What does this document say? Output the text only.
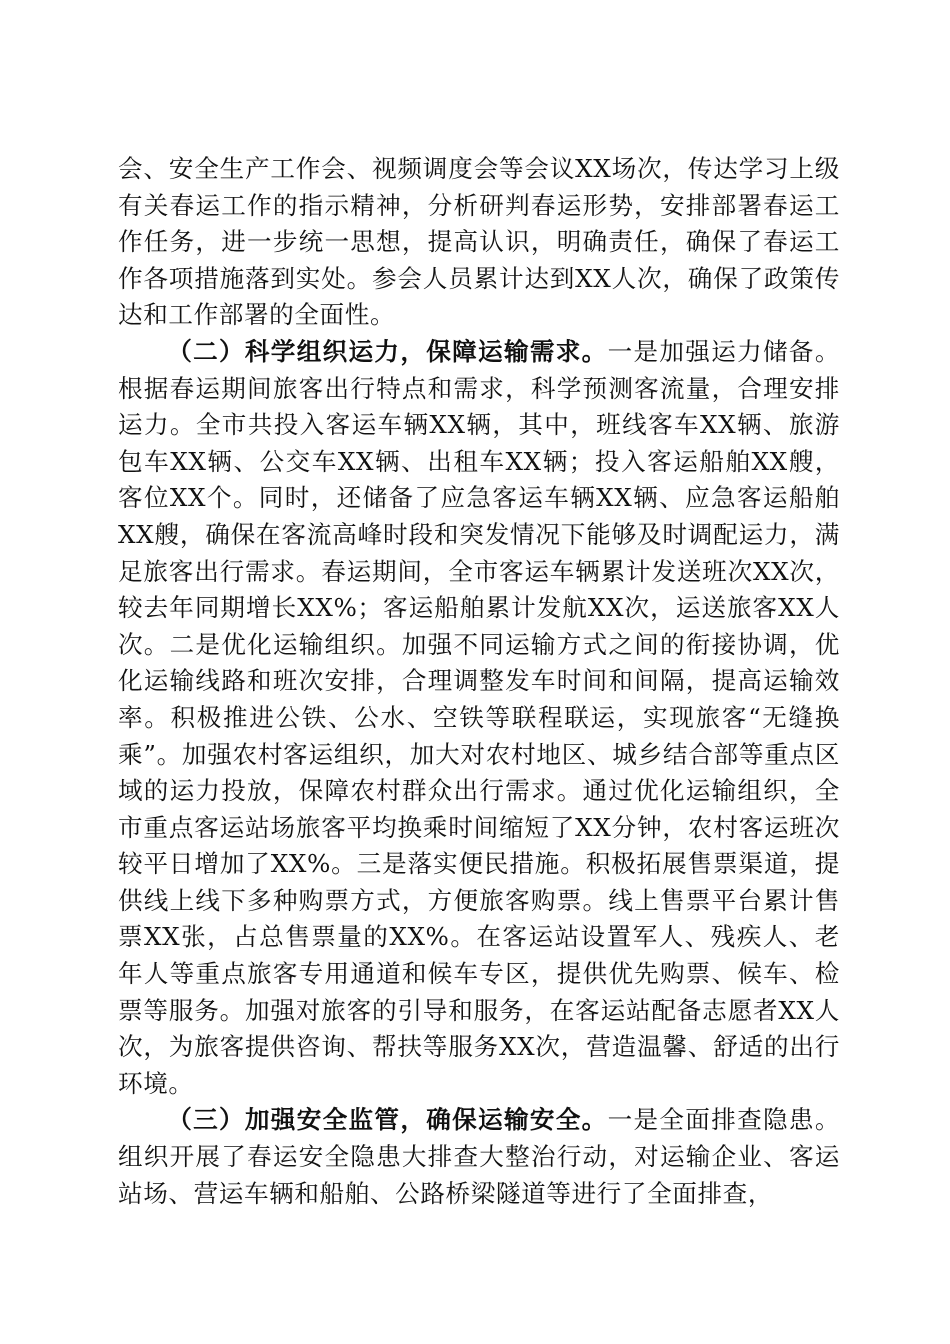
会、安全生产工作会、视频调度会等会议XX场次，传达学习上级有关春运工作的指示精神，分析研判春运形势，安排部署春运工作任务，进一步统一思想，提高认识，明确责任，确保了春运工作各项措施落到实处。参会人员累计达到XX人次，确保了政策传达和工作部署的全面性。

（二）科学组织运力，保障运输需求。一是加强运力储备。根据春运期间旅客出行特点和需求，科学预测客流量，合理安排运力。全市共投入客运车辆XX辆，其中，班线客车XX辆、旅游包车XX辆、公交车XX辆、出租车XX辆；投入客运船舶XX艘，客位XX个。同时，还储备了应急客运车辆XX辆、应急客运船舶XX艘，确保在客流高峰时段和突发情况下能够及时调配运力，满足旅客出行需求。春运期间，全市客运车辆累计发送班次XX次，较去年同期增长XX%；客运船舶累计发航XX次，运送旅客XX人次。二是优化运输组织。加强不同运输方式之间的衔接协调，优化运输线路和班次安排，合理调整发车时间和间隔，提高运输效率。积极推进公铁、公水、空铁等联程联运，实现旅客“无缝换乘”。加强农村客运组织，加大对农村地区、城乡结合部等重点区域的运力投放，保障农村群众出行需求。通过优化运输组织，全市重点客运站场旅客平均换乘时间缩短了XX分钟，农村客运班次较平日增加了XX%。三是落实便民措施。积极拓展售票渠道，提供线上线下多种购票方式，方便旅客购票。线上售票平台累计售票XX张，占总售票量的XX%。在客运站设置军人、残疾人、老年人等重点旅客专用通道和候车专区，提供优先购票、候车、检票等服务。加强对旅客的引导和服务，在客运站配备志愿者XX人次，为旅客提供咨询、帮扶等服务XX次，营造温馨、舒适的出行环境。

（三）加强安全监管，确保运输安全。一是全面排查隐患。组织开展了春运安全隐患大排查大整治行动，对运输企业、客运站场、营运车辆和船舶、公路桥梁隧道等进行了全面排查，
